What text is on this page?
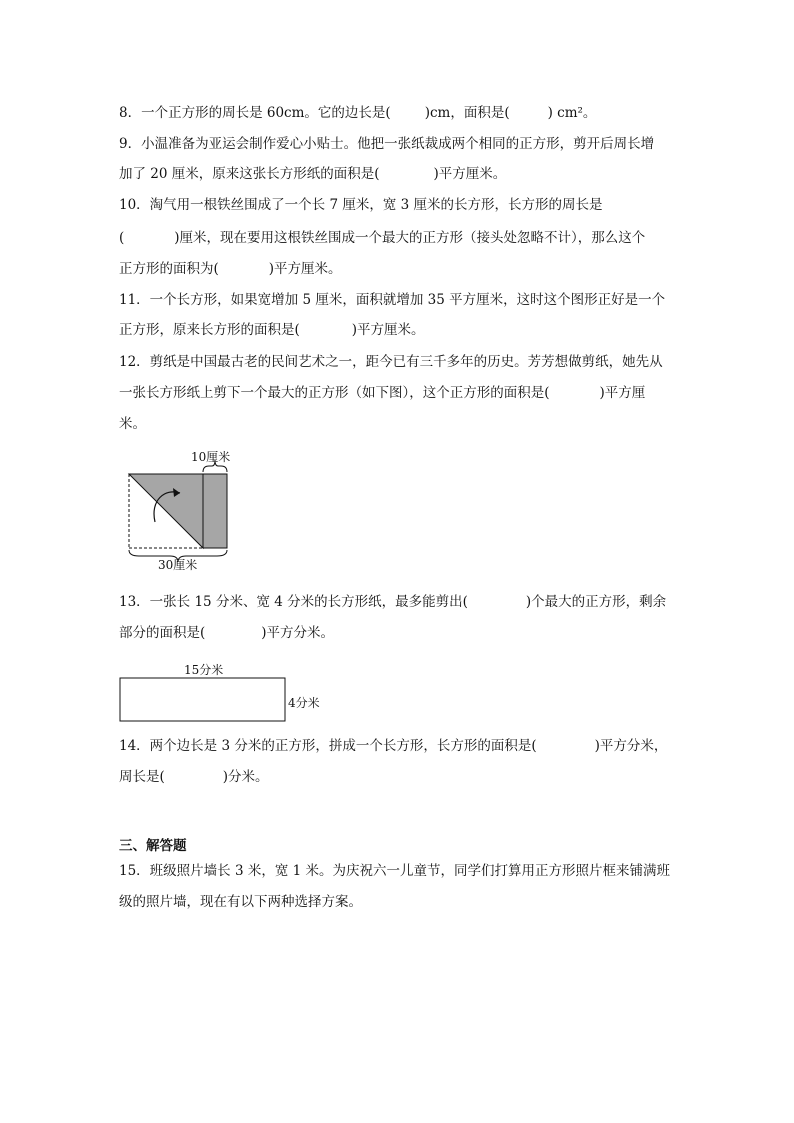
8．一个正方形的周长是 60cm。它的边长是(	)cm，面积是(	) cm²。
9．小温准备为亚运会制作爱心小贴士。他把一张纸裁成两个相同的正方形，剪开后周长增
加了 20 厘米，原来这张长方形纸的面积是(	)平方厘米。
10．淘气用一根铁丝围成了一个长 7 厘米，宽 3 厘米的长方形，长方形的周长是
(	)厘米，现在要用这根铁丝围成一个最大的正方形（接头处忽略不计），那么这个
正方形的面积为(	)平方厘米。
11．一个长方形，如果宽增加 5 厘米，面积就增加 35 平方厘米，这时这个图形正好是一个
正方形，原来长方形的面积是(	)平方厘米。
12．剪纸是中国最古老的民间艺术之一，距今已有三千多年的历史。芳芳想做剪纸，她先从
一张长方形纸上剪下一个最大的正方形（如下图），这个正方形的面积是(	)平方厘
米。
10厘米
30厘米
13．一张长 15 分米、宽 4 分米的长方形纸，最多能剪出(	)个最大的正方形，剩余
部分的面积是(	)平方分米。
15分米
4分米
14．两个边长是 3 分米的正方形，拼成一个长方形，长方形的面积是(	)平方分米，
周长是(	)分米。
三、解答题
15．班级照片墙长 3 米，宽 1 米。为庆祝六一儿童节，同学们打算用正方形照片框来铺满班
级的照片墙，现在有以下两种选择方案。
